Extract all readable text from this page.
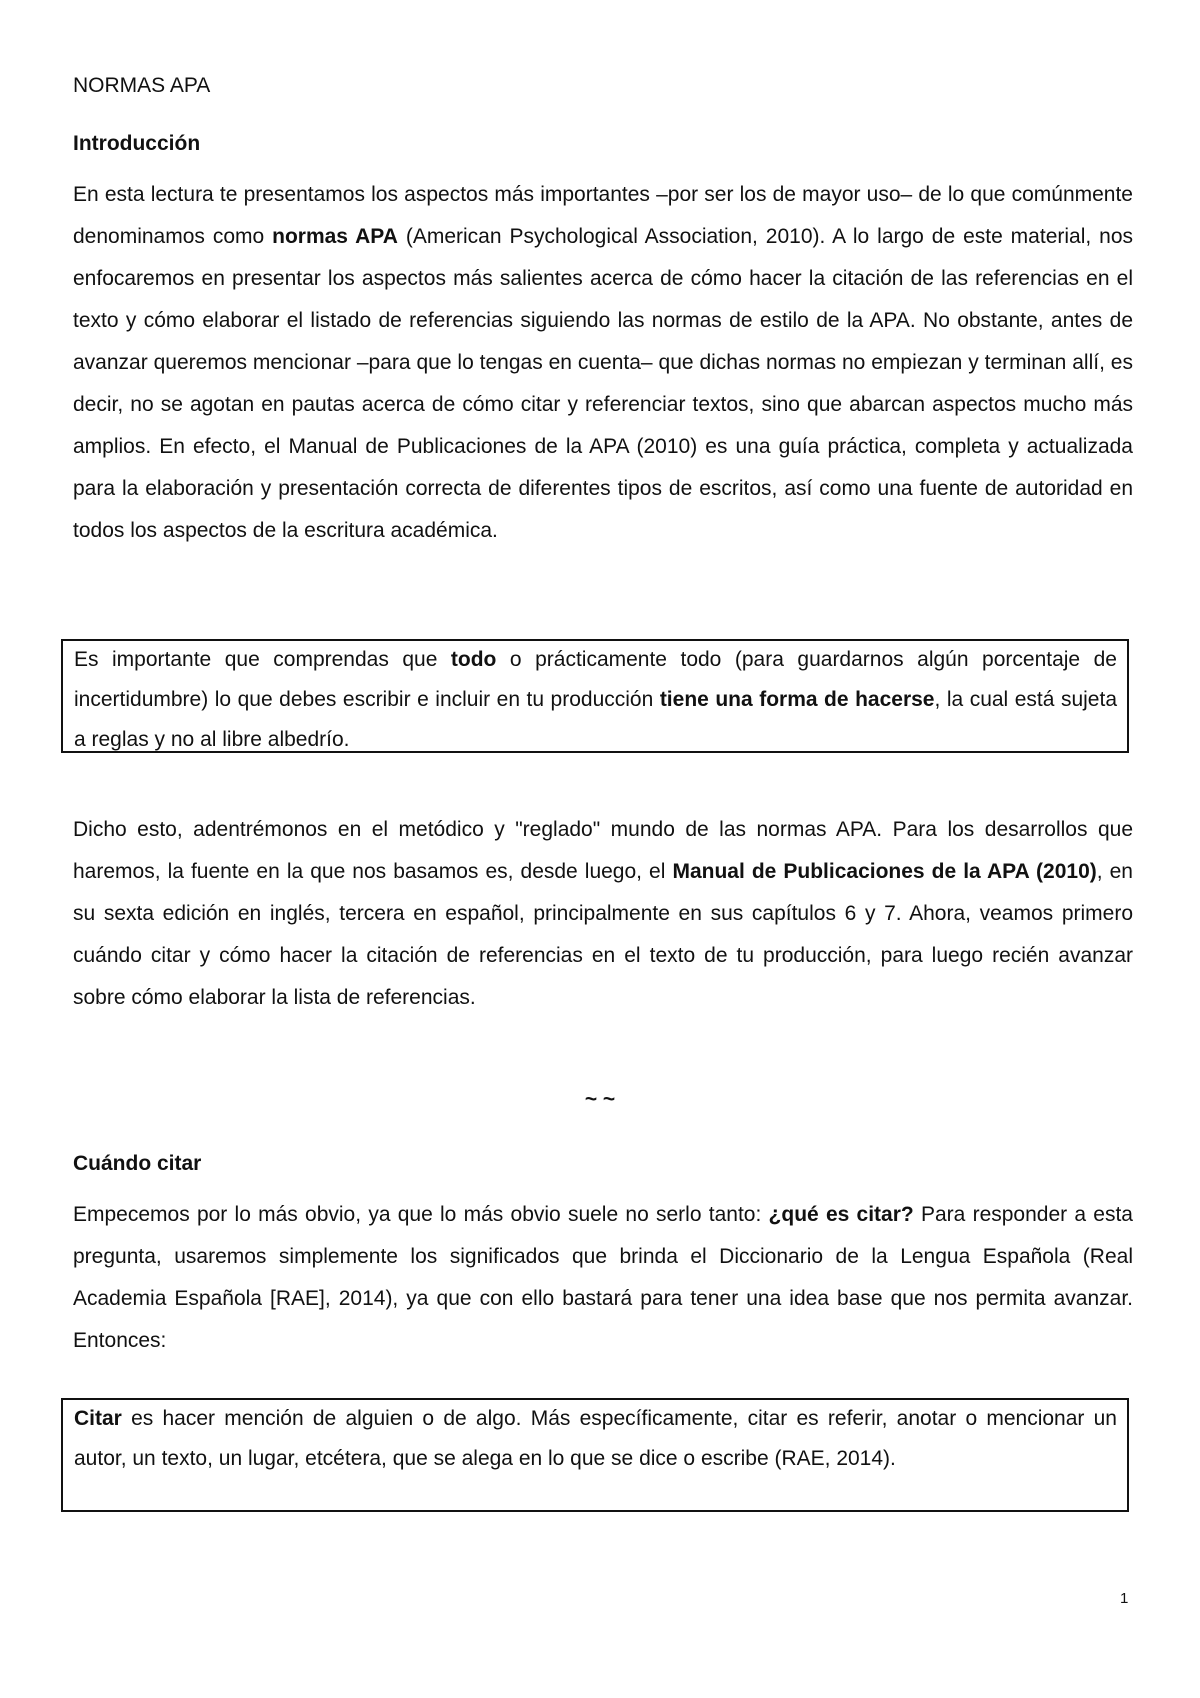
NORMAS APA
Introducción

En esta lectura te presentamos los aspectos más importantes –por ser los de mayor uso– de lo que comúnmente denominamos como normas APA (American Psychological Association, 2010). A lo largo de este material, nos enfocaremos en presentar los aspectos más salientes acerca de cómo hacer la citación de las referencias en el texto y cómo elaborar el listado de referencias siguiendo las normas de estilo de la APA. No obstante, antes de avanzar queremos mencionar –para que lo tengas en cuenta– que dichas normas no empiezan y terminan allí, es decir, no se agotan en pautas acerca de cómo citar y referenciar textos, sino que abarcan aspectos mucho más amplios. En efecto, el Manual de Publicaciones de la APA (2010) es una guía práctica, completa y actualizada para la elaboración y presentación correcta de diferentes tipos de escritos, así como una fuente de autoridad en todos los aspectos de la escritura académica.

Es importante que comprendas que todo o prácticamente todo (para guardarnos algún porcentaje de incertidumbre) lo que debes escribir e incluir en tu producción tiene una forma de hacerse, la cual está sujeta a reglas y no al libre albedrío.

Dicho esto, adentrémonos en el metódico y "reglado" mundo de las normas APA. Para los desarrollos que haremos, la fuente en la que nos basamos es, desde luego, el Manual de Publicaciones de la APA (2010), en su sexta edición en inglés, tercera en español, principalmente en sus capítulos 6 y 7. Ahora, veamos primero cuándo citar y cómo hacer la citación de referencias en el texto de tu producción, para luego recién avanzar sobre cómo elaborar la lista de referencias.

~ ~

Cuándo citar

Empecemos por lo más obvio, ya que lo más obvio suele no serlo tanto: ¿qué es citar? Para responder a esta pregunta, usaremos simplemente los significados que brinda el Diccionario de la Lengua Española (Real Academia Española [RAE], 2014), ya que con ello bastará para tener una idea base que nos permita avanzar. Entonces:

Citar es hacer mención de alguien o de algo. Más específicamente, citar es referir, anotar o mencionar un autor, un texto, un lugar, etcétera, que se alega en lo que se dice o escribe (RAE, 2014).

1
